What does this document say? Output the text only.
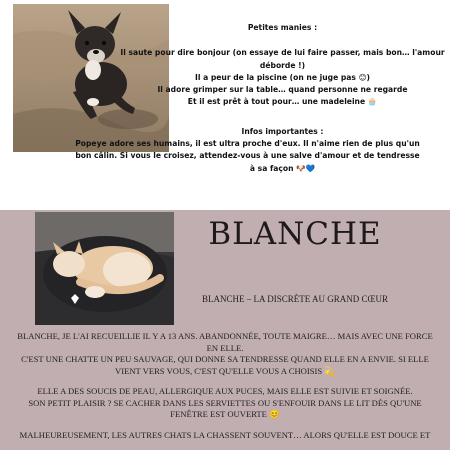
Petites manies :

Il saute pour dire bonjour (on essaye de lui faire passer, mais bon… l'amour

déborde !)

Il a peur de la piscine (on ne juge pas 😊)

Il adore grimper sur la table… quand personne ne regarde

Et il est prêt à tout pour… une madeleine 🧁

Infos importantes :

Popeye adore ses humains, il est ultra proche d'eux. Il n'aime rien de plus qu'un

bon câlin. Si vous le croisez, attendez-vous à une salve d'amour et de tendresse

à sa façon 🐶💙

BLANCHE
BLANCHE – LA DISCRÈTE AU GRAND CŒUR

BLANCHE, JE L'AI RECUEILLIE IL Y A 13 ANS. ABANDONNÉE, TOUTE MAIGRE… MAIS AVEC UNE FORCE
EN ELLE.
C'EST UNE CHATTE UN PEU SAUVAGE, QUI DONNE SA TENDRESSE QUAND ELLE EN A ENVIE. SI ELLE
VIENT VERS VOUS, C'EST QU'ELLE VOUS A CHOISIS 💫

ELLE A DES SOUCIS DE PEAU, ALLERGIQUE AUX PUCES, MAIS ELLE EST SUIVIE ET SOIGNÉE.
SON PETIT PLAISIR ? SE CACHER DANS LES SERVIETTES OU S'ENFOUIR DANS LE LIT DÈS QU'UNE
FENÊTRE EST OUVERTE 😊

MALHEUREUSEMENT, LES AUTRES CHATS LA CHASSENT SOUVENT… ALORS QU'ELLE EST DOUCE ET
